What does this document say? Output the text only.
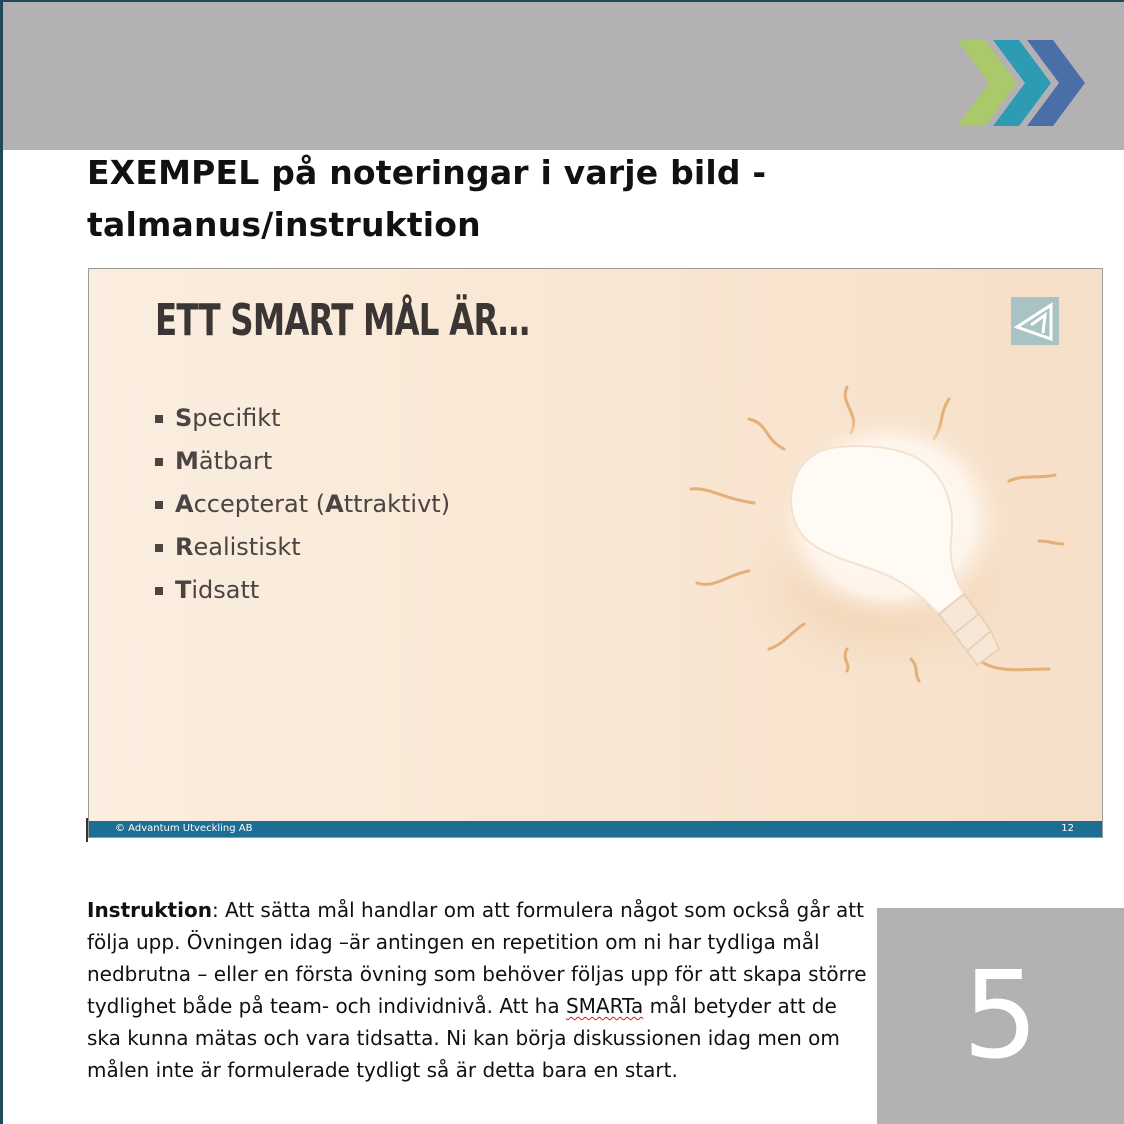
EXEMPEL på noteringar i varje bild -
talmanus/instruktion
ETT SMART MÅL ÄR…
S pecifikt
M ätbart
A ccepterat ( A ttraktivt)
R ealistiskt
T idsatt
© Advantum Utveckling AB	12
Instruktion: Att sätta mål handlar om att formulera något som också går att följa upp. Övningen idag –är antingen en repetition om ni har tydliga mål nedbrutna – eller en första övning som behöver följas upp för att skapa större tydlighet både på team- och individnivå. Att ha SMARTa mål betyder att de ska kunna mätas och vara tidsatta. Ni kan börja diskussionen idag men om målen inte är formulerade tydligt så är detta bara en start.	5
